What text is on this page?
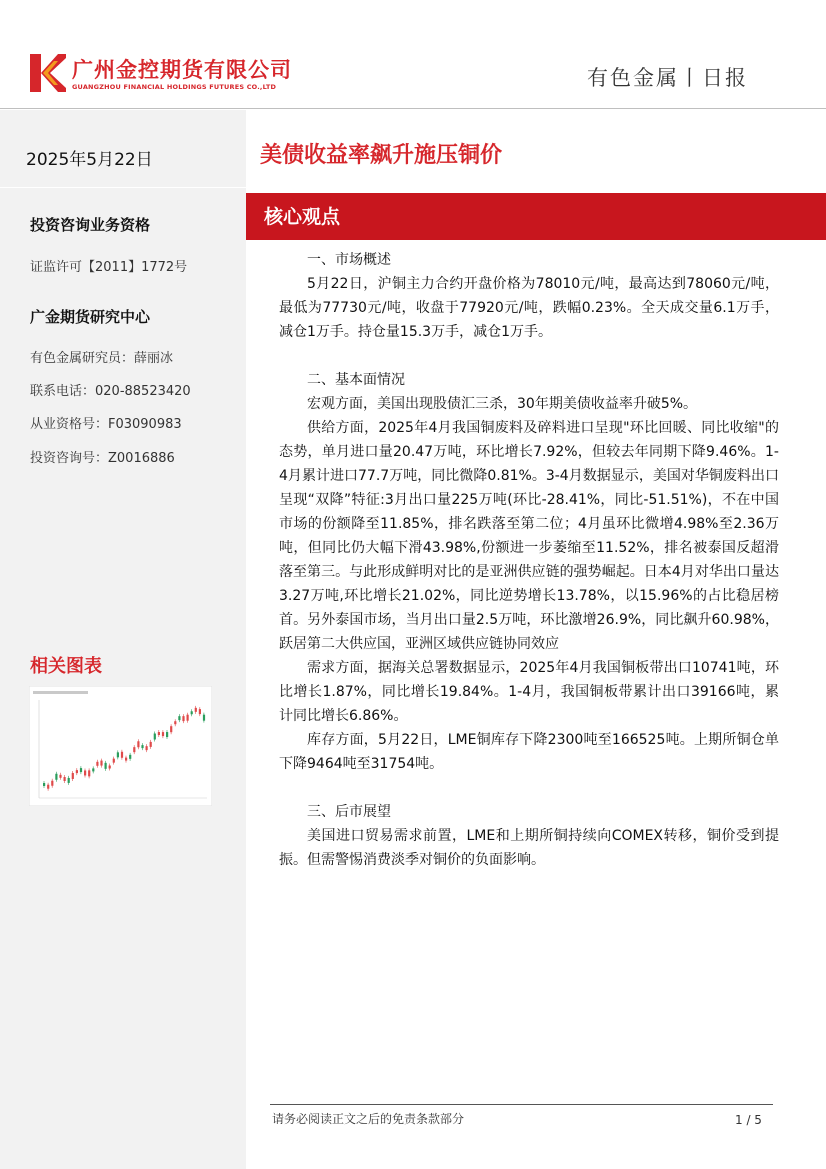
广州金控期货有限公司
GUANGZHOU FINANCIAL HOLDINGS FUTURES CO.,LTD	有色金属丨日报
2025年5月22日
投资咨询业务资格
证监许可【2011】1772号
广金期货研究中心
有色金属研究员：薛丽冰
联系电话：020-88523420
从业资格号：F03090983
投资咨询号：Z0016886
相关图表
美债收益率飙升施压铜价
核心观点
一、市场概述

5月22日，沪铜主力合约开盘价格为78010元/吨，最高达到78060元/吨，最低为77730元/吨，收盘于77920元/吨，跌幅0.23%。全天成交量6.1万手，减仓1万手。持仓量15.3万手，减仓1万手。

二、基本面情况

宏观方面，美国出现股债汇三杀，30年期美债收益率升破5%。

供给方面，2025年4月我国铜废料及碎料进口呈现"环比回暖、同比收缩"的态势，单月进口量20.47万吨，环比增长7.92%，但较去年同期下降9.46%。1-4月累计进口77.7万吨，同比微降0.81%。3-4月数据显示，美国对华铜废料出口呈现“双降”特征:3月出口量225万吨(环比-28.41%，同比-51.51%)，不在中国市场的份额降至11.85%，排名跌落至第二位；4月虽环比微增4.98%至2.36万吨，但同比仍大幅下滑43.98%,份额进一步萎缩至11.52%，排名被泰国反超滑落至第三。与此形成鲜明对比的是亚洲供应链的强势崛起。日本4月对华出口量达3.27万吨,环比增长21.02%，同比逆势增长13.78%，以15.96%的占比稳居榜首。另外泰国市场，当月出口量2.5万吨，环比激增26.9%，同比飙升60.98%，跃居第二大供应国，亚洲区域供应链协同效应

需求方面，据海关总署数据显示，2025年4月我国铜板带出口10741吨，环比增长1.87%，同比增长19.84%。1-4月，我国铜板带累计出口39166吨，累计同比增长6.86%。

库存方面，5月22日，LME铜库存下降2300吨至166525吨。上期所铜仓单下降9464吨至31754吨。

三、后市展望

美国进口贸易需求前置，LME和上期所铜持续向COMEX转移，铜价受到提振。但需警惕消费淡季对铜价的负面影响。

请务必阅读正文之后的免责条款部分	1 / 5
